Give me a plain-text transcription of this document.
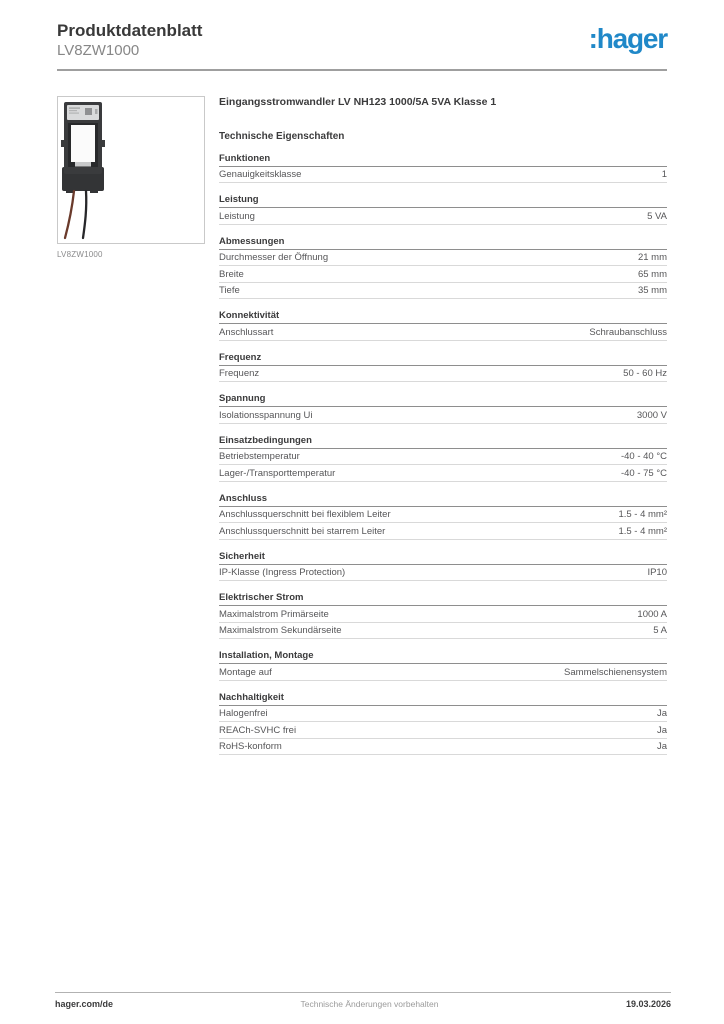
Produktdatenblatt
LV8ZW1000	:hager
LV8ZW1000
Eingangsstromwandler LV NH123 1000/5A 5VA Klasse 1
Technische Eigenschaften
Funktionen
Genauigkeitsklasse	1
Leistung
Leistung	5 VA
Abmessungen
Durchmesser der Öffnung	21 mm
Breite	65 mm
Tiefe	35 mm
Konnektivität
Anschlussart	Schraubanschluss
Frequenz
Frequenz	50 - 60 Hz
Spannung
Isolationsspannung Ui	3000 V
Einsatzbedingungen
Betriebstemperatur	-40 - 40 °C
Lager-/Transporttemperatur	-40 - 75 °C
Anschluss
Anschlussquerschnitt bei flexiblem Leiter	1.5 - 4 mm²
Anschlussquerschnitt bei starrem Leiter	1.5 - 4 mm²
Sicherheit
IP-Klasse (Ingress Protection)	IP10
Elektrischer Strom
Maximalstrom Primärseite	1000 A
Maximalstrom Sekundärseite	5 A
Installation, Montage
Montage auf	Sammelschienensystem
Nachhaltigkeit
Halogenfrei	Ja
REACh-SVHC frei	Ja
RoHS-konform	Ja
hager.com/de	Technische Änderungen vorbehalten	19.03.2026
